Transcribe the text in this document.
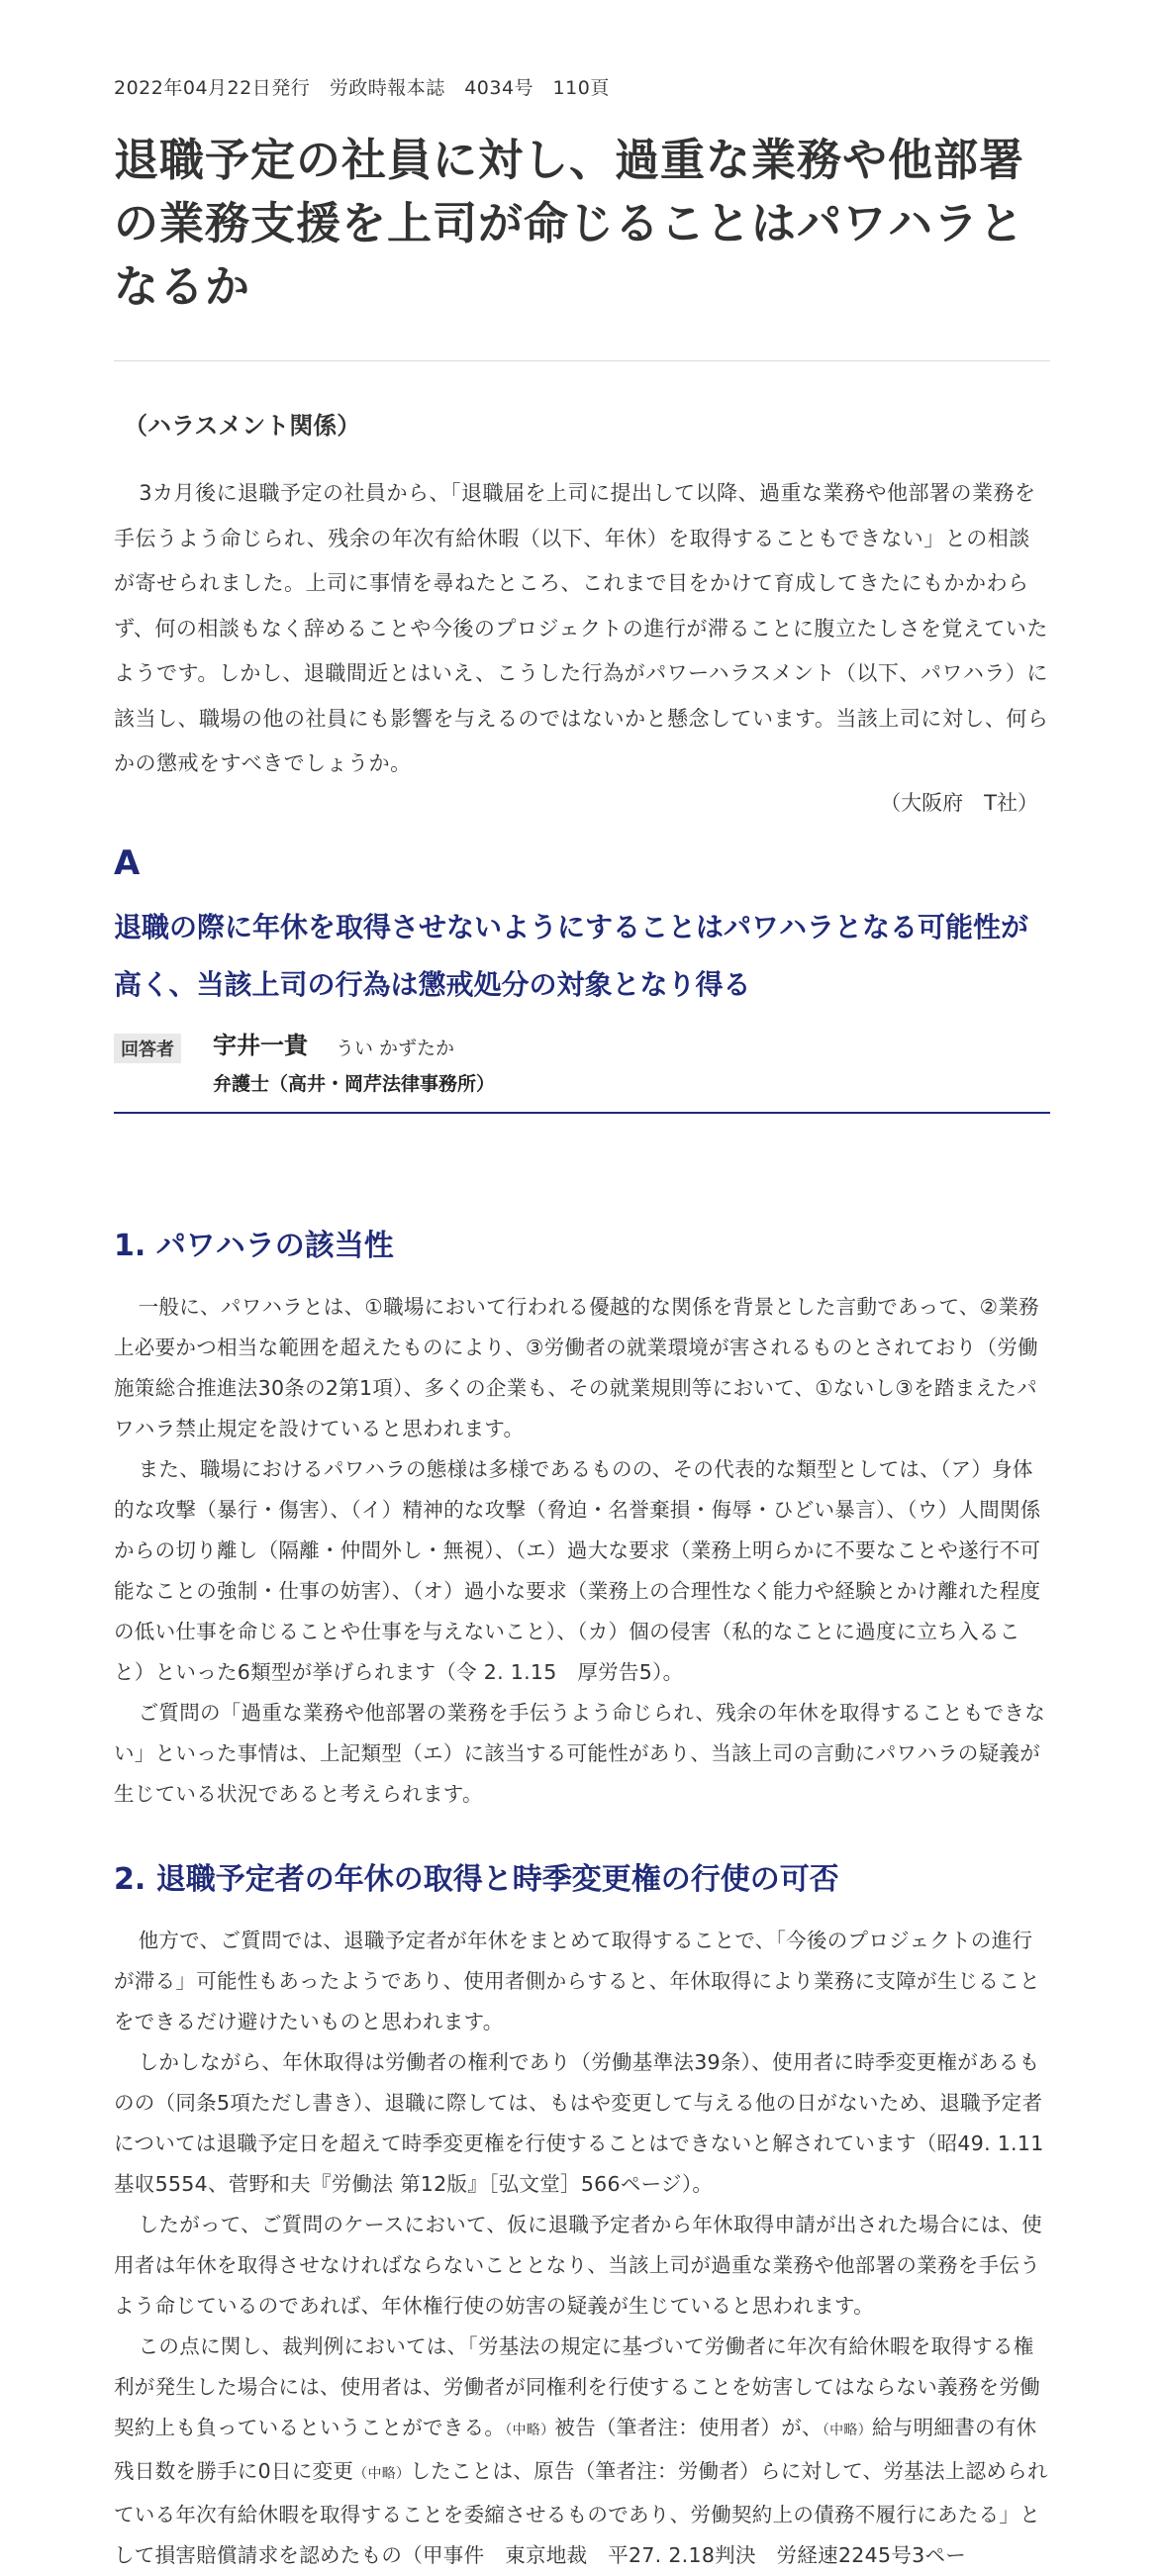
2022年04月22日発行　労政時報本誌　4034号　110頁
退職予定の社員に対し、過重な業務や他部署の業務支援を上司が命じることはパワハラとなるか
（ハラスメント関係）

3カ月後に退職予定の社員から、「退職届を上司に提出して以降、過重な業務や他部署の業務を手伝うよう命じられ、残余の年次有給休暇（以下、年休）を取得することもできない」との相談が寄せられました。上司に事情を尋ねたところ、これまで目をかけて育成してきたにもかかわらず、何の相談もなく辞めることや今後のプロジェクトの進行が滞ることに腹立たしさを覚えていたようです。しかし、退職間近とはいえ、こうした行為がパワーハラスメント（以下、パワハラ）に該当し、職場の他の社員にも影響を与えるのではないかと懸念しています。当該上司に対し、何らかの懲戒をすべきでしょうか。

（大阪府　T社）
A
退職の際に年休を取得させないようにすることはパワハラとなる可能性が高く、当該上司の行為は懲戒処分の対象となり得る
回答者 宇井一貴 うい かずたか
弁護士（高井・岡芹法律事務所）
1. パワハラの該当性

一般に、パワハラとは、①職場において行われる優越的な関係を背景とした言動であって、②業務上必要かつ相当な範囲を超えたものにより、③労働者の就業環境が害されるものとされており（労働施策総合推進法30条の2第1項）、多くの企業も、その就業規則等において、①ないし③を踏まえたパワハラ禁止規定を設けていると思われます。

また、職場におけるパワハラの態様は多様であるものの、その代表的な類型としては、（ア）身体的な攻撃（暴行・傷害）、（イ）精神的な攻撃（脅迫・名誉棄損・侮辱・ひどい暴言）、（ウ）人間関係からの切り離し（隔離・仲間外し・無視）、（エ）過大な要求（業務上明らかに不要なことや遂行不可能なことの強制・仕事の妨害）、（オ）過小な要求（業務上の合理性なく能力や経験とかけ離れた程度の低い仕事を命じることや仕事を与えないこと）、（カ）個の侵害（私的なことに過度に立ち入ること）といった6類型が挙げられます（令 2. 1.15　厚労告5）。

ご質問の「過重な業務や他部署の業務を手伝うよう命じられ、残余の年休を取得することもできない」といった事情は、上記類型（エ）に該当する可能性があり、当該上司の言動にパワハラの疑義が生じている状況であると考えられます。

2. 退職予定者の年休の取得と時季変更権の行使の可否

他方で、ご質問では、退職予定者が年休をまとめて取得することで、「今後のプロジェクトの進行が滞る」可能性もあったようであり、使用者側からすると、年休取得により業務に支障が生じることをできるだけ避けたいものと思われます。

しかしながら、年休取得は労働者の権利であり（労働基準法39条）、使用者に時季変更権があるものの（同条5項ただし書き）、退職に際しては、もはや変更して与える他の日がないため、退職予定者については退職予定日を超えて時季変更権を行使することはできないと解されています（昭49. 1.11　基収5554、菅野和夫『労働法 第12版』［弘文堂］566ページ）。

したがって、ご質問のケースにおいて、仮に退職予定者から年休取得申請が出された場合には、使用者は年休を取得させなければならないこととなり、当該上司が過重な業務や他部署の業務を手伝うよう命じているのであれば、年休権行使の妨害の疑義が生じていると思われます。

この点に関し、裁判例においては、「労基法の規定に基づいて労働者に年次有給休暇を取得する権利が発生した場合には、使用者は、労働者が同権利を行使することを妨害してはならない義務を労働契約上も負っているということができる。（中略）被告（筆者注：使用者）が、（中略）給与明細書の有休残日数を勝手に0日に変更（中略）したことは、原告（筆者注：労働者）らに対して、労基法上認められている年次有給休暇を取得することを委縮させるものであり、労働契約上の債務不履行にあたる」として損害賠償請求を認めたもの（甲事件　東京地裁　平27. 2.18判決　労経速2245号3ペー
